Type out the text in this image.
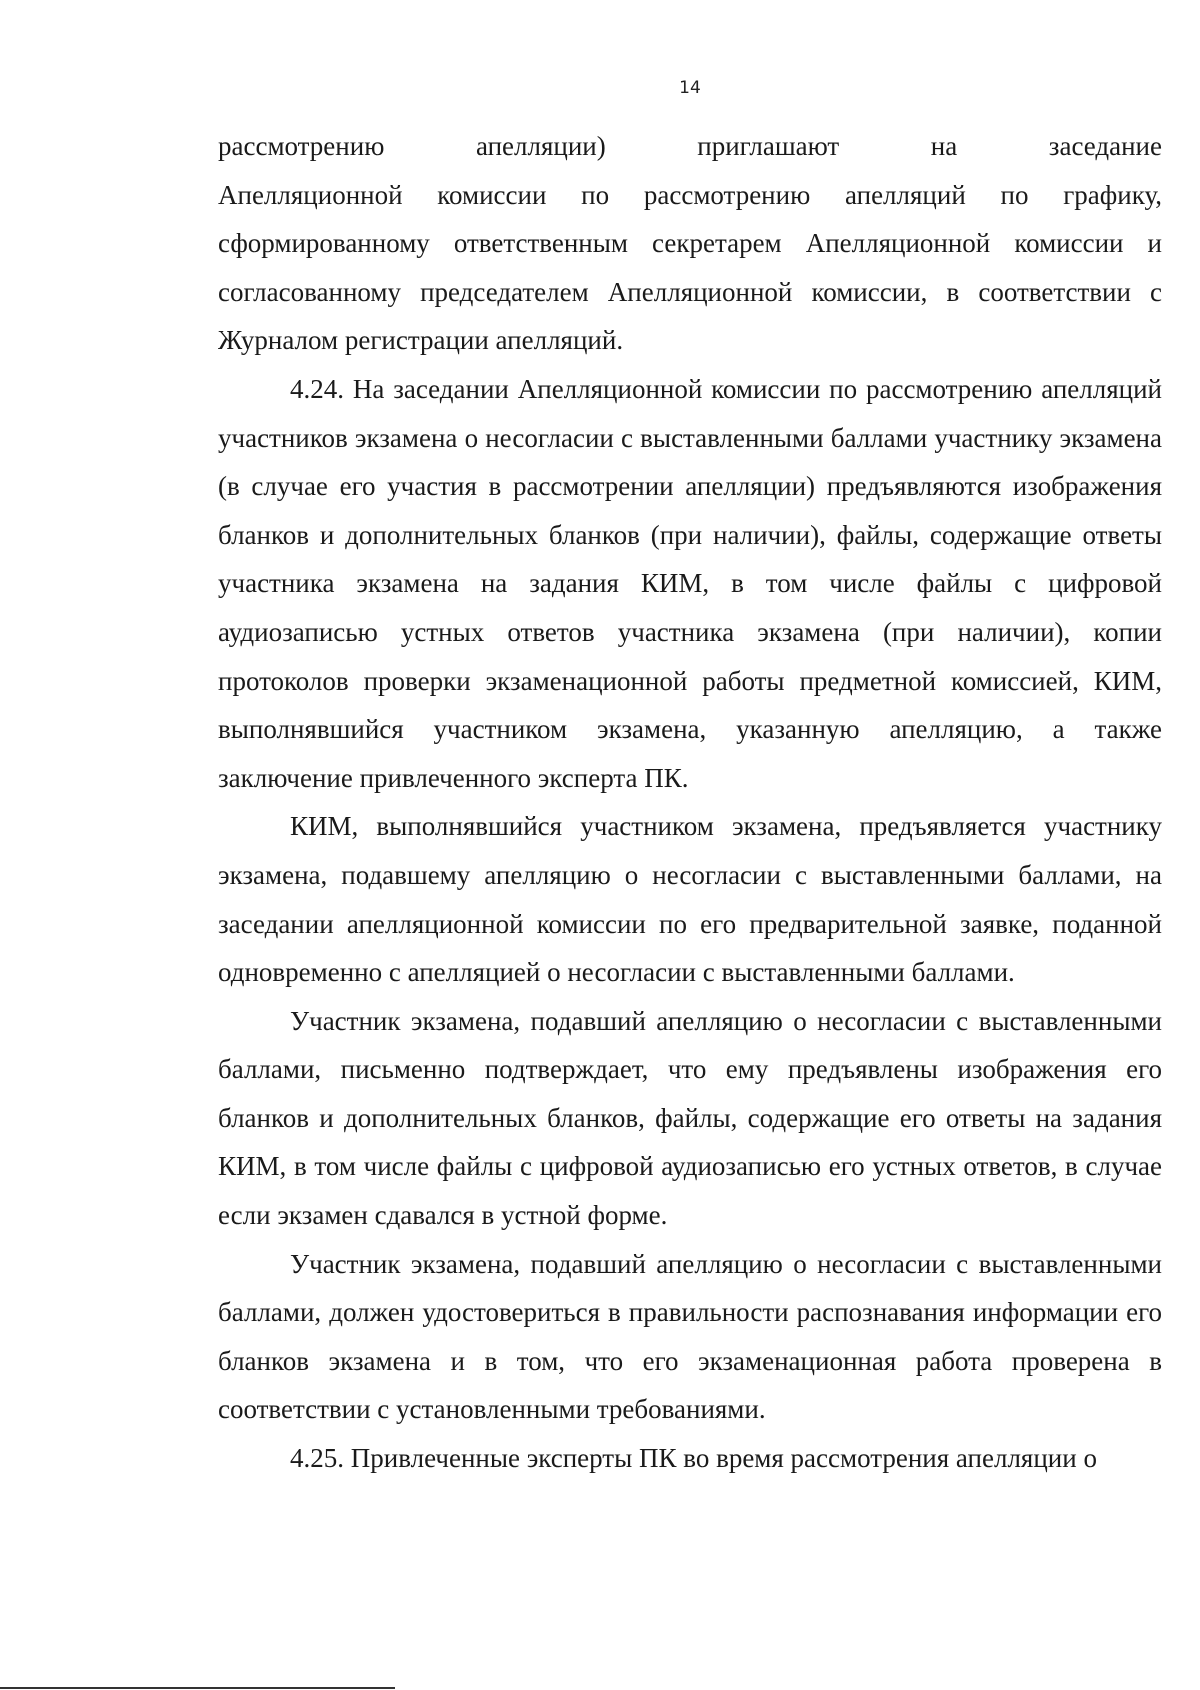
14
рассмотрению	апелляции)	приглашают	на	заседание
Апелляционной комиссии по рассмотрению апелляций по графику, сформированному ответственным секретарем Апелляционной комиссии и согласованному председателем Апелляционной комиссии, в соответствии с Журналом регистрации апелляций.

4.24. На заседании Апелляционной комиссии по рассмотрению апелляций участников экзамена о несогласии с выставленными баллами участнику экзамена (в случае его участия в рассмотрении апелляции) предъявляются изображения бланков и дополнительных бланков (при наличии), файлы, содержащие ответы участника экзамена на задания КИМ, в том числе файлы с цифровой аудиозаписью устных ответов участника экзамена (при наличии), копии протоколов проверки экзаменационной работы предметной комиссией, КИМ, выполнявшийся участником экзамена, указанную апелляцию, а также заключение привлеченного эксперта ПК.

КИМ, выполнявшийся участником экзамена, предъявляется участнику экзамена, подавшему апелляцию о несогласии с выставленными баллами, на заседании апелляционной комиссии по его предварительной заявке, поданной одновременно с апелляцией о несогласии с выставленными баллами.

Участник экзамена, подавший апелляцию о несогласии с выставленными баллами, письменно подтверждает, что ему предъявлены изображения его бланков и дополнительных бланков, файлы, содержащие его ответы на задания КИМ, в том числе файлы с цифровой аудиозаписью его устных ответов, в случае если экзамен сдавался в устной форме.

Участник экзамена, подавший апелляцию о несогласии с выставленными баллами, должен удостовериться в правильности распознавания информации его бланков экзамена и в том, что его экзаменационная работа проверена в соответствии с установленными требованиями.

4.25. Привлеченные эксперты ПК во время рассмотрения апелляции о
